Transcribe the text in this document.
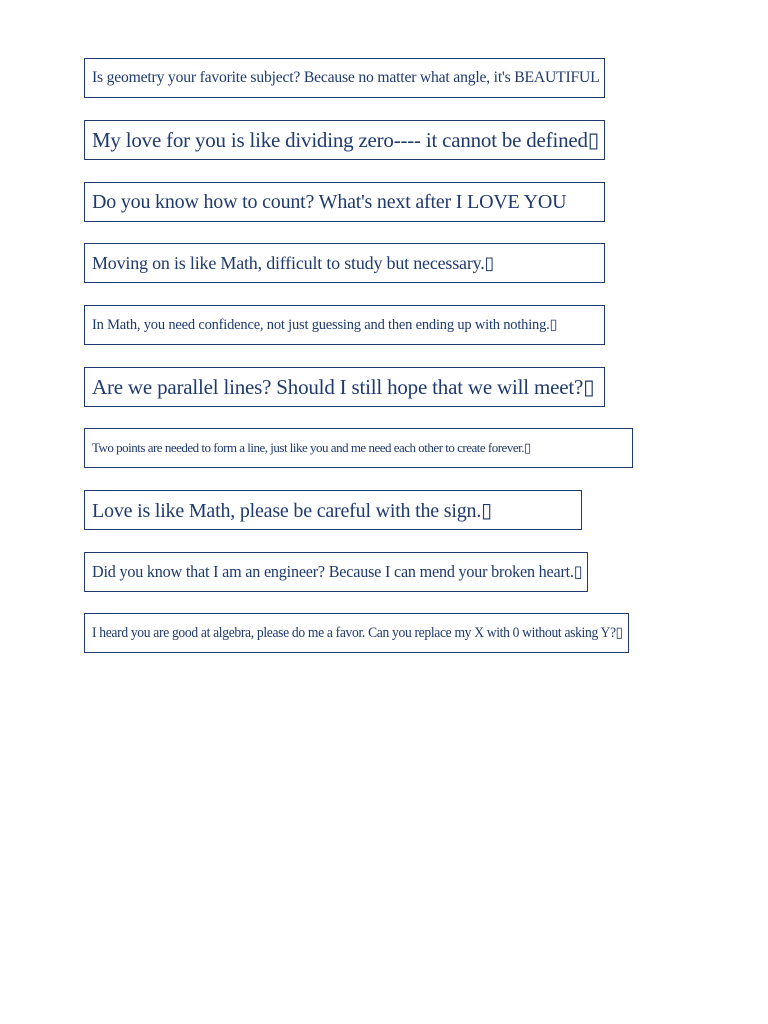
Is geometry your favorite subject? Because no matter what angle, it's BEAUTIFUL
My love for you is like dividing zero---- it cannot be defined▯
Do you know how to count? What's next after I LOVE YOU
Moving on is like Math, difficult to study but necessary.▯
In Math, you need confidence, not just guessing and then ending up with nothing.▯
Are we parallel lines? Should I still hope that we will meet?▯
Two points are needed to form a line, just like you and me need each other to create forever.▯
Love is like Math, please be careful with the sign.▯
Did you know that I am an engineer? Because I can mend your broken heart.▯
I heard you are good at algebra, please do me a favor. Can you replace my X with 0 without asking Y?▯
